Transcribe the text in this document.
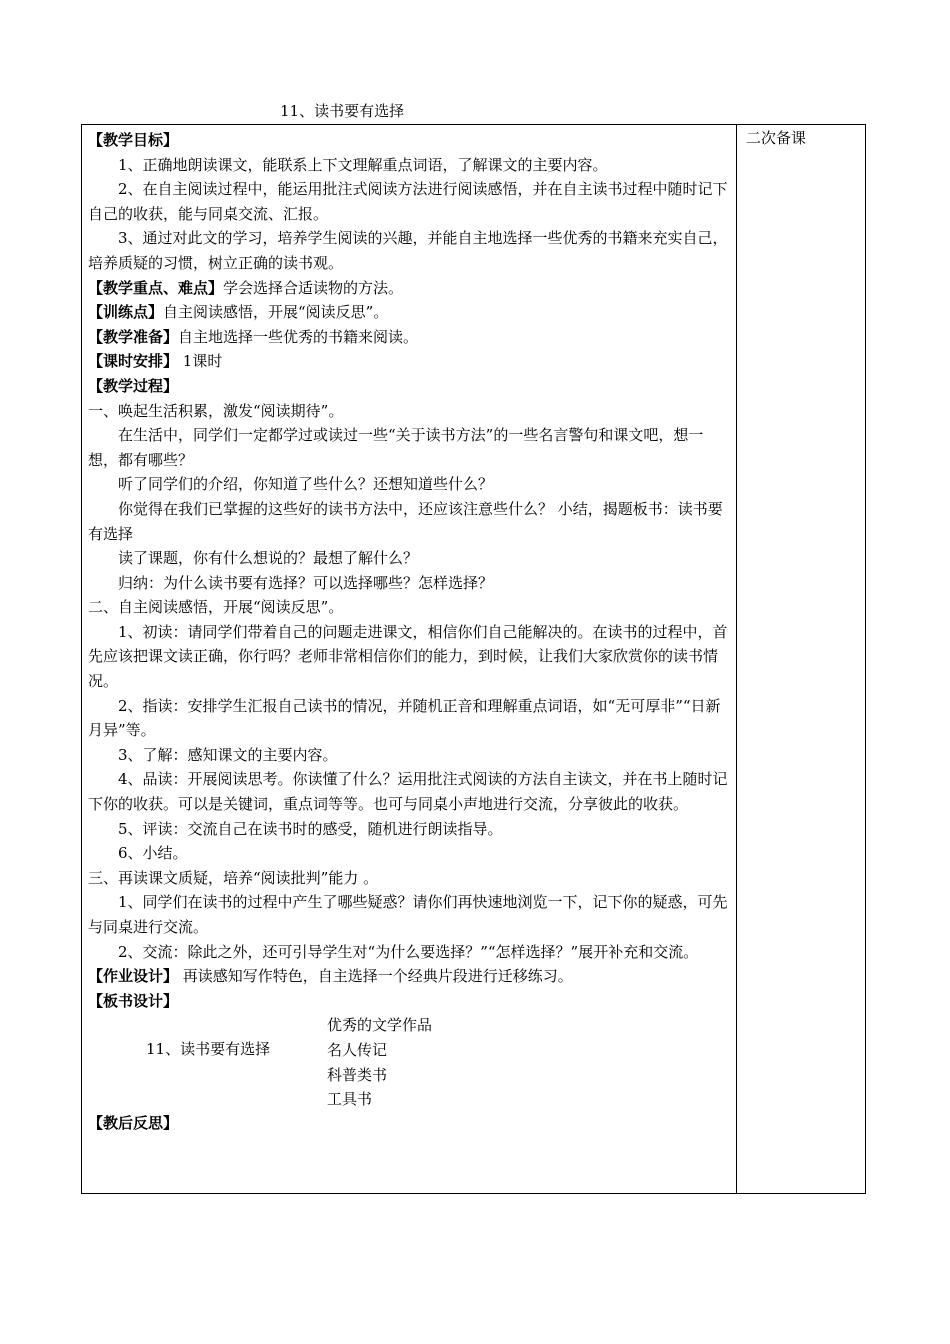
11、读书要有选择
二次备课

【教学目标】

1、正确地朗读课文，能联系上下文理解重点词语，了解课文的主要内容。

2、在自主阅读过程中，能运用批注式阅读方法进行阅读感悟，并在自主读书过程中随时记下自己的收获，能与同桌交流、汇报。

3、通过对此文的学习，培养学生阅读的兴趣，并能自主地选择一些优秀的书籍来充实自己，培养质疑的习惯，树立正确的读书观。

【教学重点、难点】学会选择合适读物的方法。

【训练点】自主阅读感悟，开展“阅读反思”。

【教学准备】自主地选择一些优秀的书籍来阅读。

【课时安排】 1课时

【教学过程】

一、唤起生活积累，激发“阅读期待”。

在生活中，同学们一定都学过或读过一些“关于读书方法”的一些名言警句和课文吧，想一想，都有哪些？

听了同学们的介绍，你知道了些什么？还想知道些什么？

你觉得在我们已掌握的这些好的读书方法中，还应该注意些什么？ 小结，揭题板书：读书要有选择

读了课题，你有什么想说的？最想了解什么？

归纳：为什么读书要有选择？可以选择哪些？怎样选择？

二、自主阅读感悟，开展“阅读反思”。

1、初读：请同学们带着自己的问题走进课文，相信你们自己能解决的。在读书的过程中，首先应该把课文读正确，你行吗？老师非常相信你们的能力，到时候，让我们大家欣赏你的读书情况。

2、指读：安排学生汇报自己读书的情况，并随机正音和理解重点词语，如“无可厚非”“日新月异”等。

3、了解：感知课文的主要内容。

4、品读：开展阅读思考。你读懂了什么？运用批注式阅读的方法自主读文，并在书上随时记下你的收获。可以是关键词，重点词等等。也可与同桌小声地进行交流，分享彼此的收获。

5、评读：交流自己在读书时的感受，随机进行朗读指导。

6、小结。

三、再读课文质疑，培养“阅读批判”能力 。

1、同学们在读书的过程中产生了哪些疑惑？请你们再快速地浏览一下，记下你的疑惑，可先与同桌进行交流。

2、交流：除此之外，还可引导学生对“为什么要选择？”“怎样选择？”展开补充和交流。

【作业设计】 再读感知写作特色，自主选择一个经典片段进行迁移练习。

【板书设计】

11、读书要有选择
优秀的文学作品
名人传记
科普类书
工具书

【教后反思】
